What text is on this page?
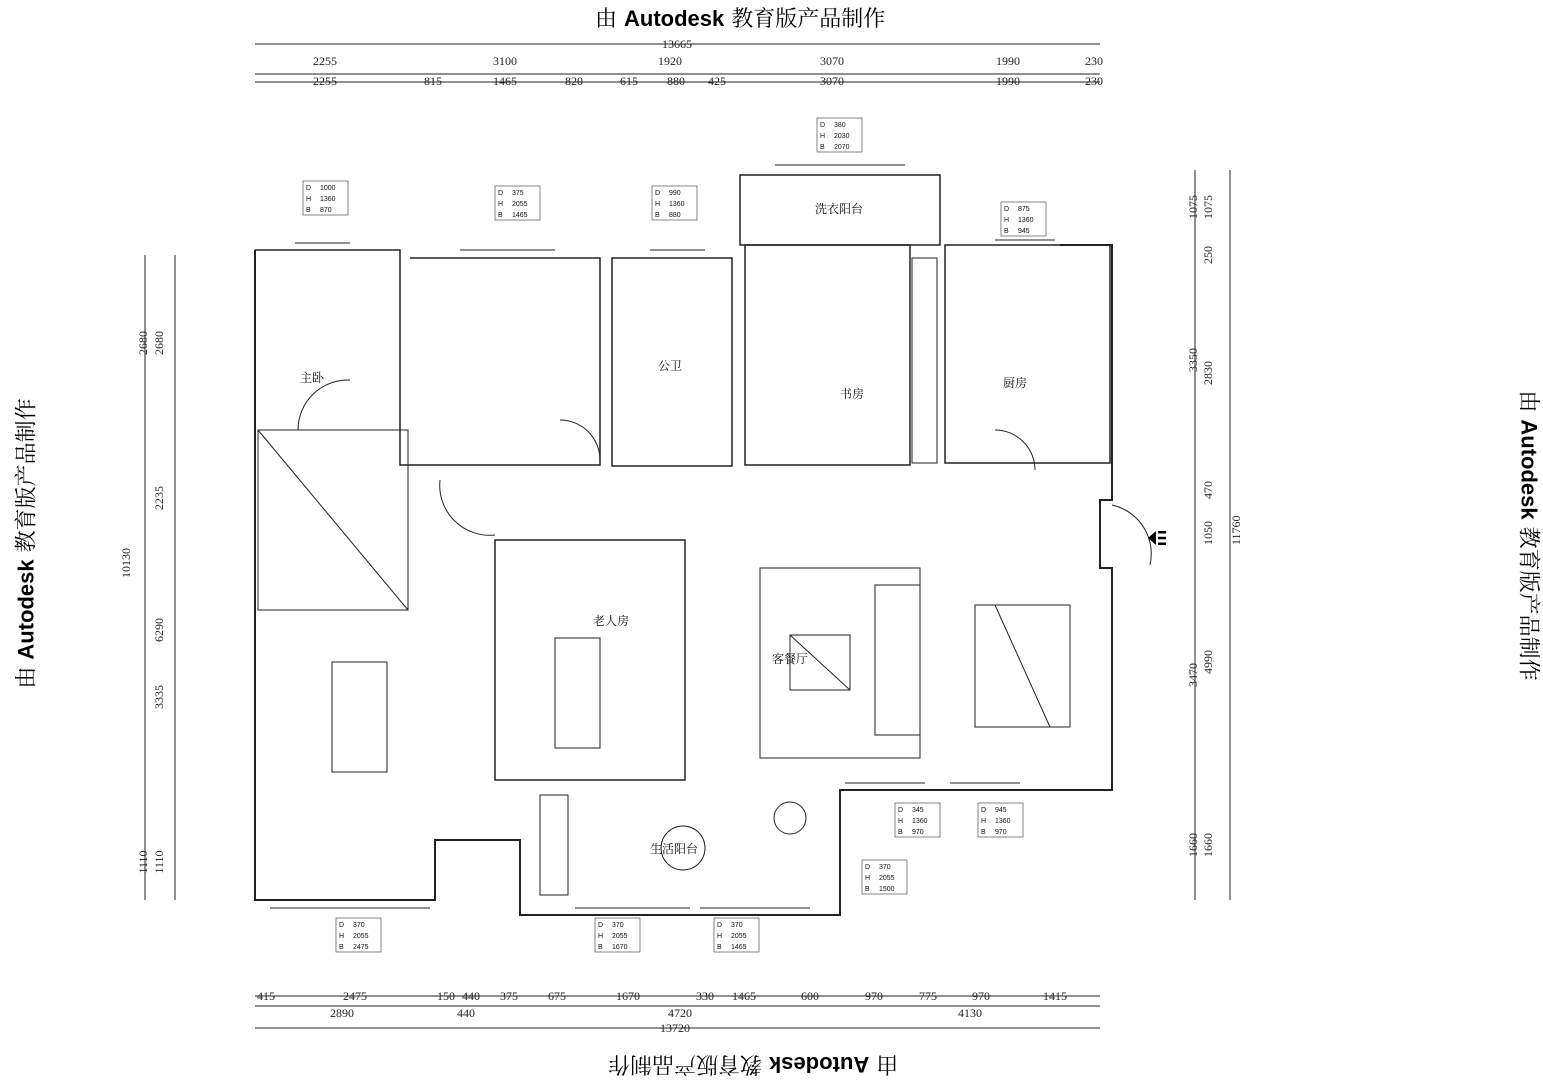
由 Autodesk 教育版产品制作
由 Autodesk 教育版产品制作
由 Autodesk 教育版产品制作	由 Autodesk 教育版产品制作
13665
2255	3100	1920	3070	1990	230
2255	815	1465	820	615 880 425	3070	1990	230
415	2475	150 440 375	675	1670	330 1465	600	970	775	970	1415
2890	440	4720	4130
13720
10130
2680
2235
6290
3335
1110
2680
1110
11760
1075
250
2830
470
1050
4990
1660
1075
3350
3470
1660
主卧
公卫
洗衣阳台
书房
厨房
老人房
客餐厅
生活阳台
D 1000
H 1360
B 870
D 375
H 2055
B 1465
D 990
H 1360
B 880
D 380
H 2030
B 2070
D 875
H 1360
B 945
D 345
H 1360
B 970
D 945
H 1360
B 970
D 370
H 2055
B 1500
D 370
H 2055
B 2475
D 370
H 2055
B 1670
D 370
H 2055
B 1465
